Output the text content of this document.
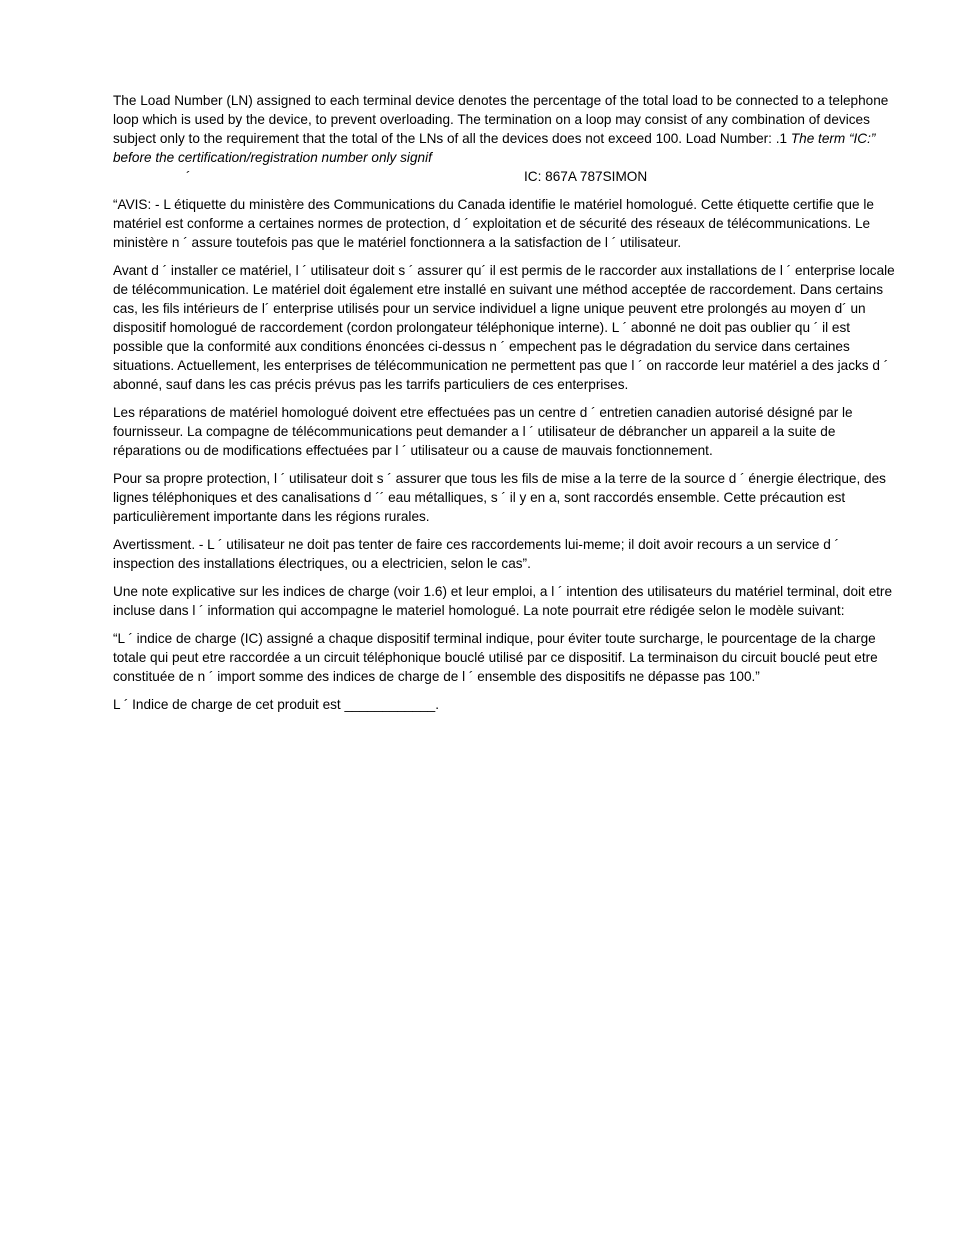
The Load Number (LN) assigned to each terminal device denotes the percentage of the total load to be connected to a telephone loop which is used by the device, to prevent overloading. The termination on a loop may consist of any combination of devices subject only to the requirement that the total of the LNs of all the devices does not exceed 100. Load Number: .1 The term “IC:” before the certification/registration number only signif

´	IC: 867A 787SIMON

“AVIS: - L étiquette du ministère des Communications du Canada identifie le matériel homologué. Cette étiquette certifie que le matériel est conforme a certaines normes de protection, d ´ exploitation et de sécurité des réseaux de télécommunications. Le ministère n ´ assure toutefois pas que le matériel fonctionnera a la satisfaction de l ´ utilisateur.

Avant d ´ installer ce matériel, l ´ utilisateur doit s ´ assurer qu´ il est permis de le raccorder aux installations de l ´ enterprise locale de télécommunication. Le matériel doit également etre installé en suivant une méthod acceptée de raccordement. Dans certains cas, les fils intérieurs de l´ enterprise utilisés pour un service individuel a ligne unique peuvent etre prolongés au moyen d´ un dispositif homologué de raccordement (cordon prolongateur téléphonique interne). L ´ abonné ne doit pas oublier qu ´ il est possible que la conformité aux conditions énoncées ci-dessus n ´ empechent pas le dégradation du service dans certaines situations. Actuellement, les enterprises de télécommunication ne permettent pas que l ´ on raccorde leur matériel a des jacks d ´ abonné, sauf dans les cas précis prévus pas les tarrifs particuliers de ces enterprises.

Les réparations de matériel homologué doivent etre effectuées pas un centre d ´ entretien canadien autorisé désigné par le fournisseur. La compagne de télécommunications peut demander a l ´ utilisateur de débrancher un appareil a la suite de réparations ou de modifications effectuées par l ´ utilisateur ou a cause de mauvais fonctionnement.

Pour sa propre protection, l ´ utilisateur doit s ´ assurer que tous les fils de mise a la terre de la source d ´ énergie électrique, des lignes téléphoniques et des canalisations d ´´ eau métalliques, s ´ il y en a, sont raccordés ensemble. Cette précaution est particulièrement importante dans les régions rurales.

Avertissment. - L ´ utilisateur ne doit pas tenter de faire ces raccordements lui-meme; il doit avoir recours a un service d ´ inspection des installations électriques, ou a electricien, selon le cas”.

Une note explicative sur les indices de charge (voir 1.6) et leur emploi, a l ´ intention des utilisateurs du matériel terminal, doit etre incluse dans l ´ information qui accompagne le materiel homologué. La note pourrait etre rédigée selon le modèle suivant:

“L ´ indice de charge (IC) assigné a chaque dispositif terminal indique, pour éviter toute surcharge, le pourcentage de la charge totale qui peut etre raccordée a un circuit téléphonique bouclé utilisé par ce dispositif. La terminaison du circuit bouclé peut etre constituée de n ´ import somme des indices de charge de l ´ ensemble des dispositifs ne dépasse pas 100.”

L ´ Indice de charge de cet produit est ____________.
